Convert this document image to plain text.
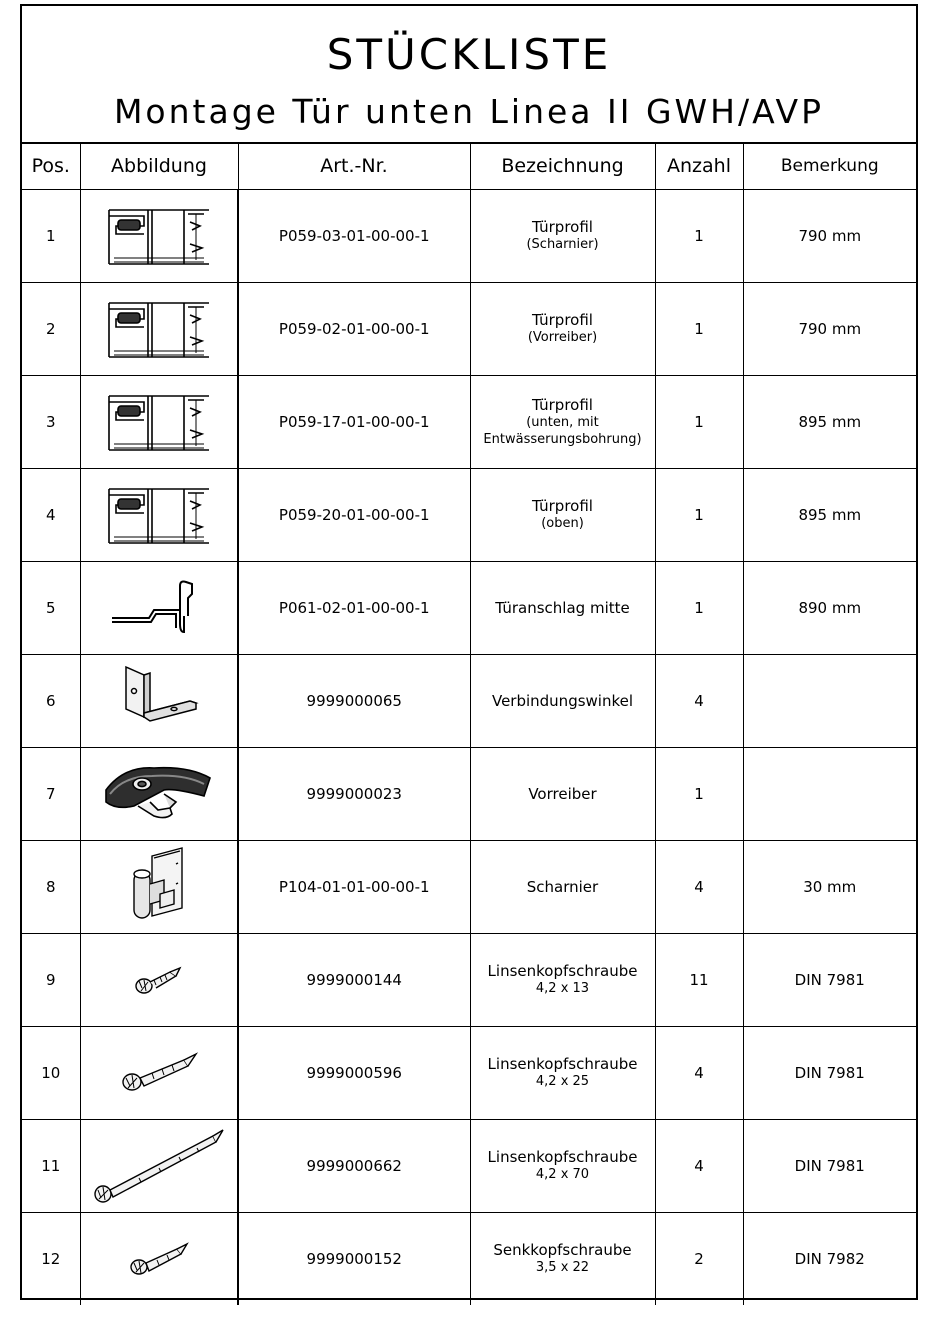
STÜCKLISTE
Montage Tür unten Linea II GWH/AVP
Pos.	Abbildung	Art.-Nr.	Bezeichnung	Anzahl	Bemerkung
1		P059-03-01-00-00-1	Türprofil
(Scharnier)	1	790 mm
2		P059-02-01-00-00-1	Türprofil
(Vorreiber)	1	790 mm
3		P059-17-01-00-00-1	Türprofil
(unten, mit Entwässerungsbohrung)	1	895 mm
4		P059-20-01-00-00-1	Türprofil
(oben)	1	895 mm
5		P061-02-01-00-00-1	Türanschlag mitte	1	890 mm
6		9999000065	Verbindungswinkel	4	
7		9999000023	Vorreiber	1	
8		P104-01-01-00-00-1	Scharnier	4	30 mm
9		9999000144	Linsenkopfschraube
4,2 x 13	11	DIN 7981
10		9999000596	Linsenkopfschraube
4,2 x 25	4	DIN 7981
11		9999000662	Linsenkopfschraube
4,2 x 70	4	DIN 7981
12		9999000152	Senkkopfschraube
3,5 x 22	2	DIN 7982
